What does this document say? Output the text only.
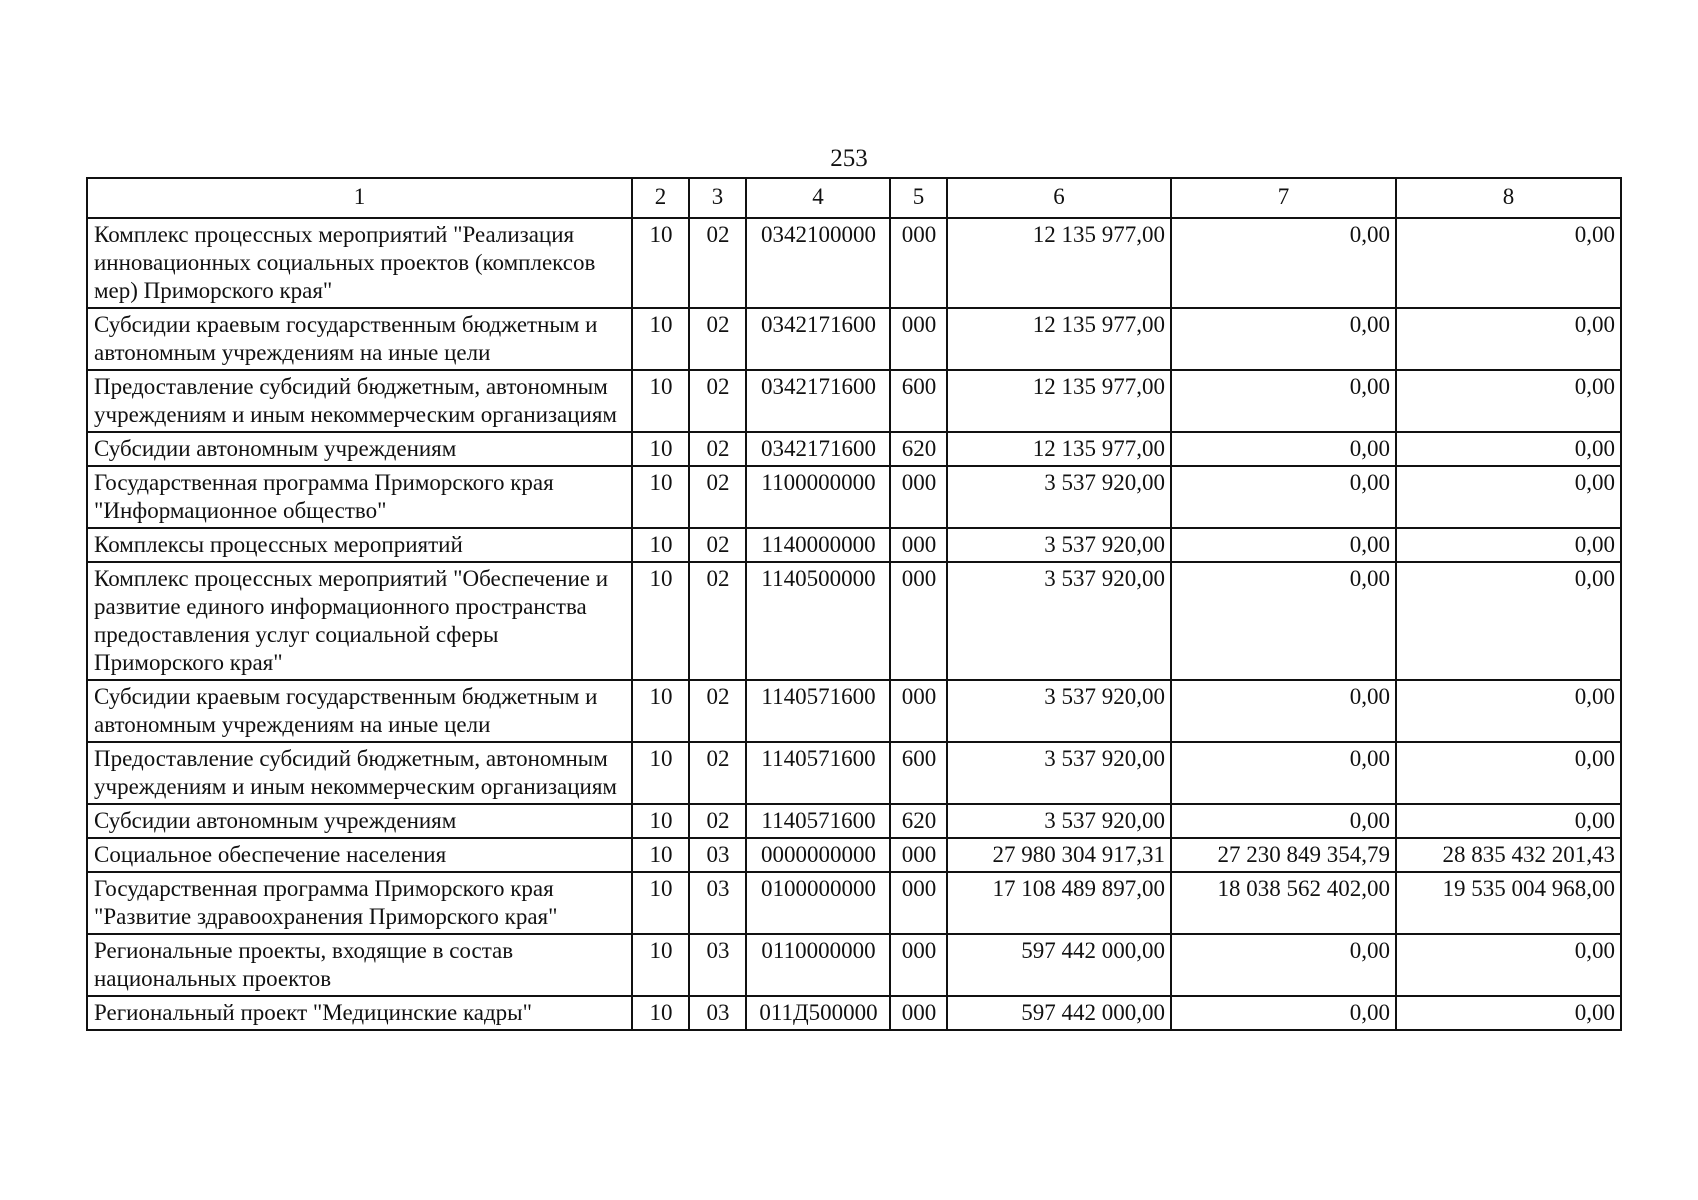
253
1	2	3	4	5	6	7	8
Комплекс процессных мероприятий "Реализация инновационных социальных проектов (комплексов мер) Приморского края"	10	02	0342100000	000	12 135 977,00	0,00	0,00
Субсидии краевым государственным бюджетным и автономным учреждениям на иные цели	10	02	0342171600	000	12 135 977,00	0,00	0,00
Предоставление субсидий бюджетным, автономным учреждениям и иным некоммерческим организациям	10	02	0342171600	600	12 135 977,00	0,00	0,00
Субсидии автономным учреждениям	10	02	0342171600	620	12 135 977,00	0,00	0,00
Государственная программа Приморского края "Информационное общество"	10	02	1100000000	000	3 537 920,00	0,00	0,00
Комплексы процессных мероприятий	10	02	1140000000	000	3 537 920,00	0,00	0,00
Комплекс процессных мероприятий "Обеспечение и развитие единого информационного пространства предоставления услуг социальной сферы Приморского края"	10	02	1140500000	000	3 537 920,00	0,00	0,00
Субсидии краевым государственным бюджетным и автономным учреждениям на иные цели	10	02	1140571600	000	3 537 920,00	0,00	0,00
Предоставление субсидий бюджетным, автономным учреждениям и иным некоммерческим организациям	10	02	1140571600	600	3 537 920,00	0,00	0,00
Субсидии автономным учреждениям	10	02	1140571600	620	3 537 920,00	0,00	0,00
Социальное обеспечение населения	10	03	0000000000	000	27 980 304 917,31	27 230 849 354,79	28 835 432 201,43
Государственная программа Приморского края "Развитие здравоохранения Приморского края"	10	03	0100000000	000	17 108 489 897,00	18 038 562 402,00	19 535 004 968,00
Региональные проекты, входящие в состав национальных проектов	10	03	0110000000	000	597 442 000,00	0,00	0,00
Региональный проект "Медицинские кадры"	10	03	011Д500000	000	597 442 000,00	0,00	0,00
